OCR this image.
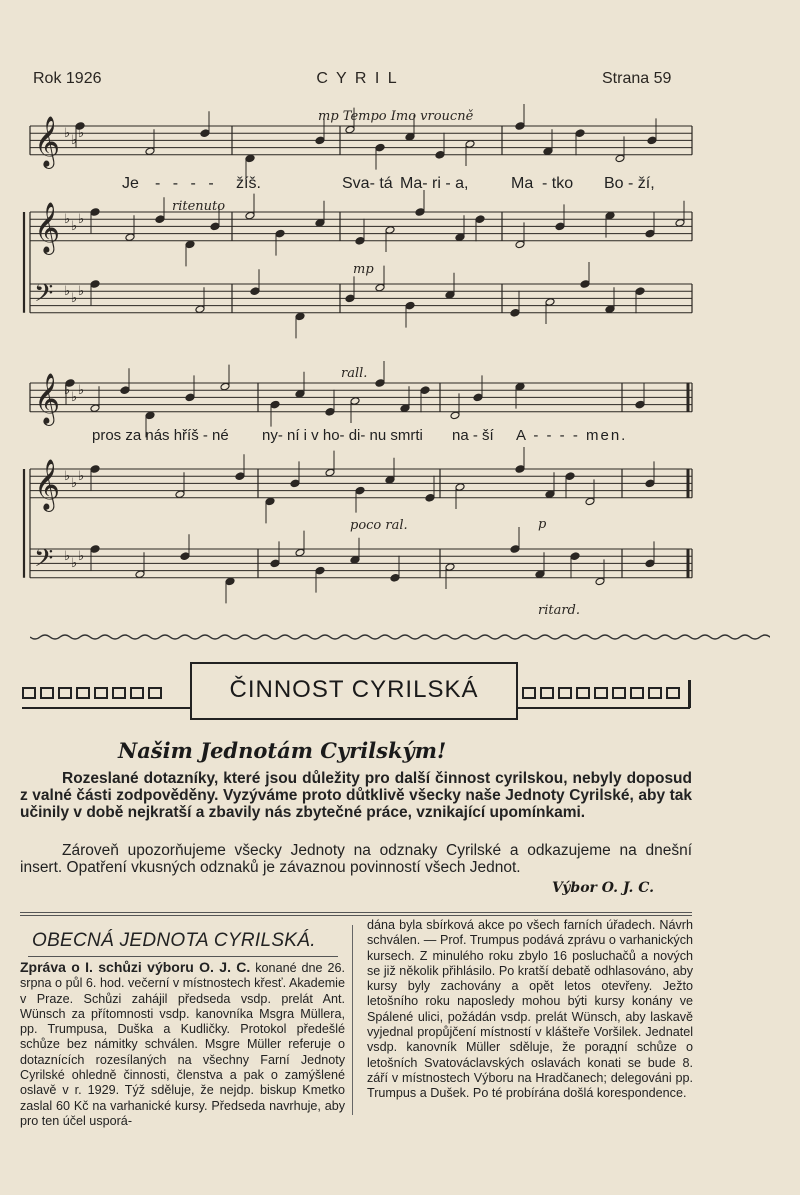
Rok 1926	C Y R I L	Strana 59
𝄞 ♭ ♭ ♭
𝄞 ♭ ♭ ♭
𝄢 ♭ ♭ ♭
𝄞 ♭ ♭ ♭
𝄞 ♭ ♭ ♭
𝄢 ♭ ♭ ♭
mp Tempo Imo vroucně
ritenuto
mp
rall.
poco ral.	p
ritard.
Je - - - - žíš.	Sva- tá Ma- ri - a,	Ma - tko Bo - ží,
pros za nás hříš - né ny- ní i v ho- di- nu smrti na - ší A - - - - men.
ČINNOST CYRILSKÁ
Našim Jednotám Cyrilským!
Rozeslané dotazníky, které jsou důležity pro další činnost cyrilskou, nebyly doposud z valné části zodpověděny. Vyzýváme proto důtklivě všecky naše Jednoty Cyrilské, aby tak učinily v době nejkratší a zbavily nás zbytečné práce, vznikající upomínkami.
Zároveň upozorňujeme všecky Jednoty na odznaky Cyrilské a odkazujeme na dnešní insert. Opatření vkusných odznaků je závaznou povinností všech Jednot.
Výbor O. J. C.
OBECNÁ JEDNOTA CYRILSKÁ.
Zpráva o I. schůzi výboru O. J. C. konané dne 26. srpna o půl 6. hod. večerní v místnostech křesť. Akademie v Praze. Schůzi zahájil předseda vsdp. prelát Ant. Wünsch za přítomnosti vsdp. kanovníka Msgra Müllera, pp. Trumpusa, Duška a Kudličky. Protokol předešlé schůze bez námitky schválen. Msgre Müller referuje o dotaznících rozesílaných na všechny Farní Jednoty Cyrilské ohledně činnosti, členstva a pak o zamýšlené oslavě v r. 1929. Týž sděluje, že nejdp. biskup Kmetko zaslal 60 Kč na varhanické kursy. Předseda navrhuje, aby pro ten účel usporá-
dána byla sbírková akce po všech farních úřadech. Návrh schválen. — Prof. Trumpus podává zprávu o varhanických kursech. Z minulého roku zbylo 16 posluchačů a nových se již několik přihlásilo. Po kratší debatě odhlasováno, aby kursy byly zachovány a opět letos otevřeny. Ježto letošního roku naposledy mohou býti kursy konány ve Spálené ulici, požádán vsdp. prelát Wünsch, aby laskavě vyjednal propůjčení místností v klášteře Voršilek. Jednatel vsdp. kanovník Müller sděluje, že porадní schůze o letošních Svatováclavských oslavách konati se bude 8. září v místnostech Výboru na Hradčanech; delegováni pp. Trumpus a Dušek. Po té probírána došlá korespondence.
